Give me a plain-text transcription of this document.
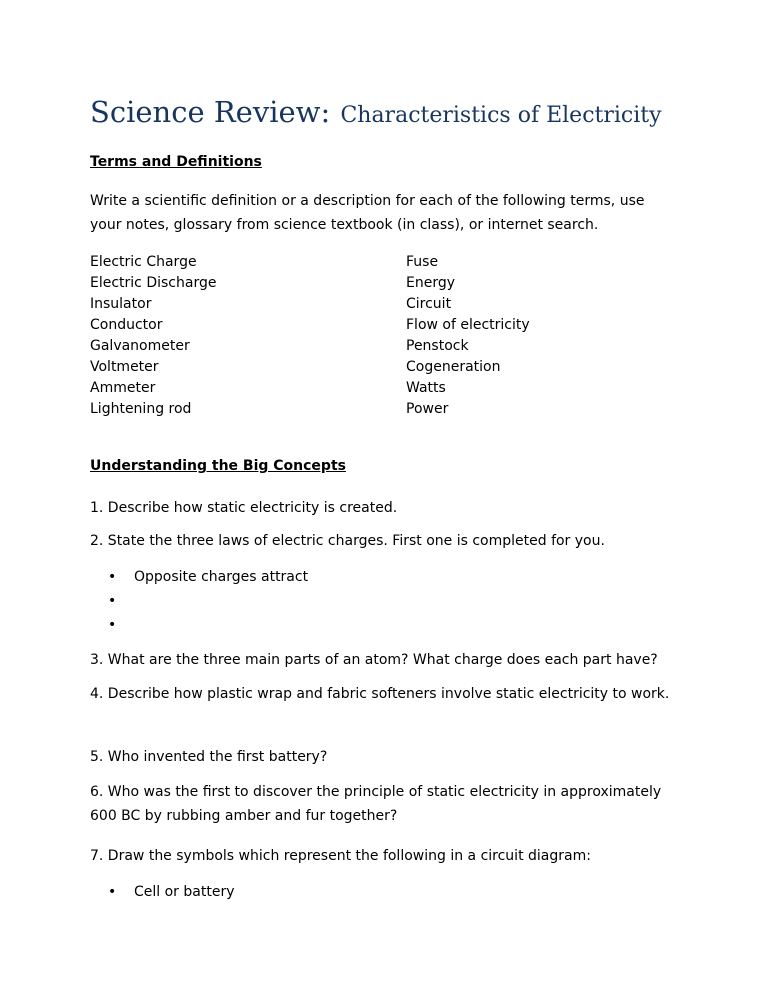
Science Review: Characteristics of Electricity

Terms and Definitions

Write a scientific definition or a description for each of the following terms, use your notes, glossary from science textbook (in class), or internet search.

Electric Charge
Electric Discharge
Insulator
Conductor
Galvanometer
Voltmeter
Ammeter
Lightening rod
Fuse
Energy
Circuit
Flow of electricity
Penstock
Cogeneration
Watts
Power

Understanding the Big Concepts

1. Describe how static electricity is created.

2. State the three laws of electric charges. First one is completed for you.

• Opposite charges attract
•
•

3. What are the three main parts of an atom? What charge does each part have?

4. Describe how plastic wrap and fabric softeners involve static electricity to work.

5. Who invented the first battery?

6. Who was the first to discover the principle of static electricity in approximately 600 BC by rubbing amber and fur together?

7. Draw the symbols which represent the following in a circuit diagram:

• Cell or battery
